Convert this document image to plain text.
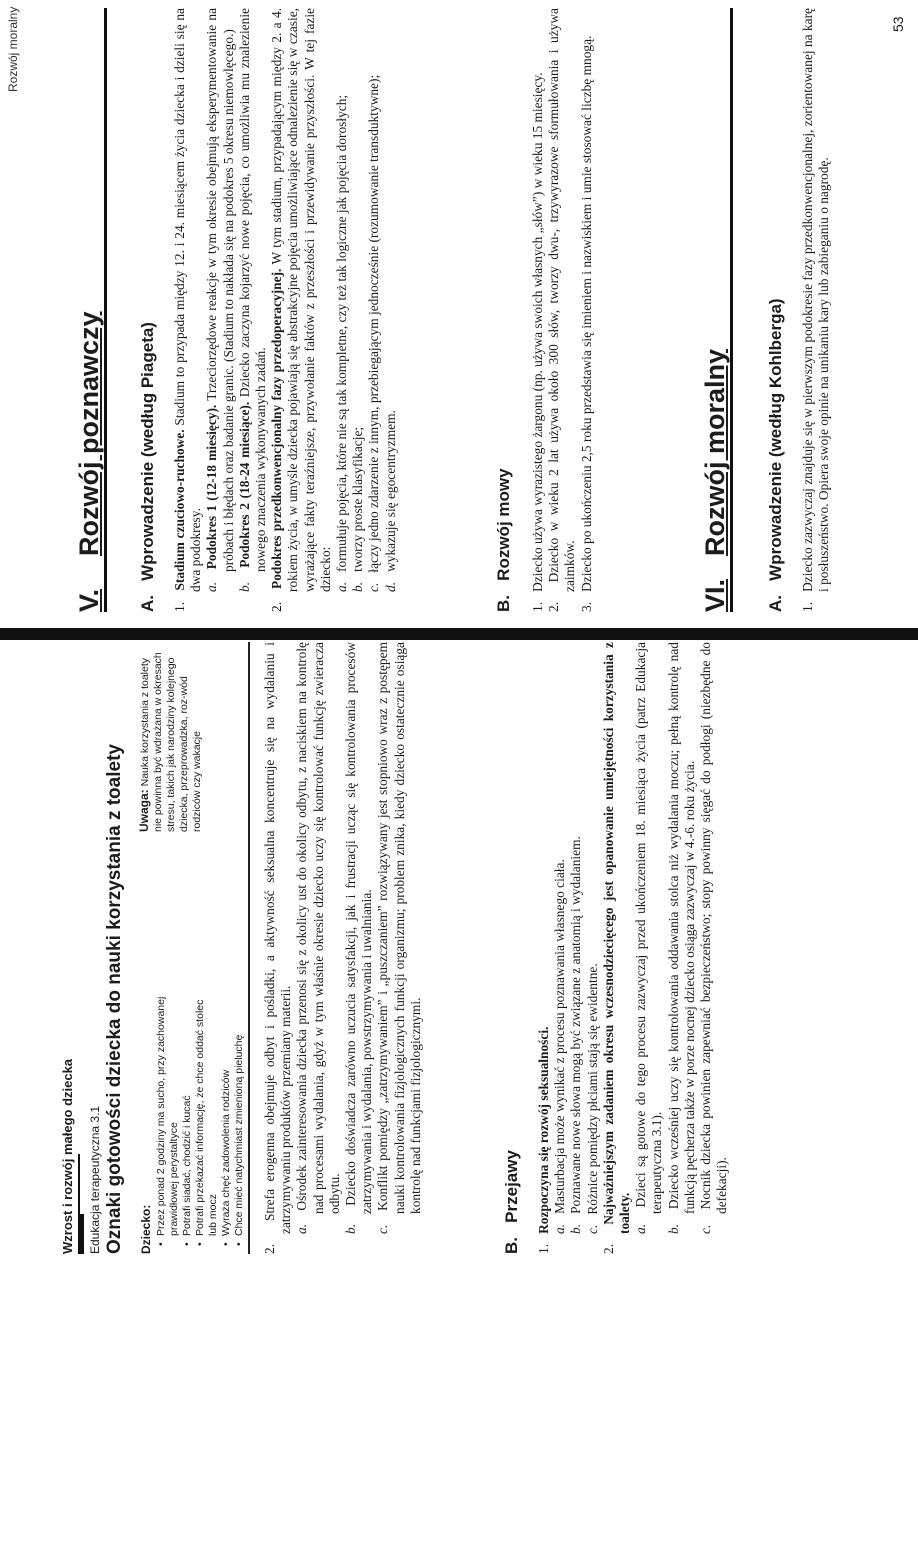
Wzrost i rozwój małego dziecka Edukacja terapeutyczna 3.1 Oznaki gotowości dziecka do nauki korzystania z toalety Dziecko: • Przez ponad 2 godziny ma sucho, przy zachowanej prawidłowej perystaltyce • Potrafi siadać, chodzić i kucać • Potrafi przekazać informację, że chce oddać stolec lub mocz • Wyraża chęć zadowolenia rodziców • Chce mieć natychmiast zmienioną pieluchę
Uwaga: Nauka korzystania z toalety nie powinna być wdrażana w okresach stresu, takich jak narodziny kolejnego dziecka, przeprowadzka, roz-wód rodziców czy wakacje
2.   Strefa erogenna obejmuje odbyt i pośladki, a aktywność seksualna koncentruje się na wydalaniu i zatrzymywaniu produktów przemiany materii. a.   Ośrodek zainteresowania dziecka przenosi się z okolicy ust do okolicy odbytu, z naciskiem na kontrolę nad procesami wydalania, gdyż w tym właśnie okresie dziecko uczy się kontrolować funkcję zwieracza odbytu.
b.   Dziecko doświadcza zarówno uczucia satysfakcji, jak i frustracji ucząc się kontrolowania procesów zatrzymywania i wydalania, powstrzymywania i uwalniania.
c.   Konflikt pomiędzy „zatrzymywaniem” i „puszczaniem” rozwiązywany jest stopniowo wraz z postępem nauki kontrolowania fizjologicznych funkcji organizmu; problem znika, kiedy dziecko ostatecznie osiąga kontrolę nad funkcjami fizjologicznymi.
B.   Przejawy
1.   Rozpoczyna się rozwój seksualności. a.   Masturbacja może wynikać z procesu poznawania własnego ciała.
b.   Poznawane nowe słowa mogą być związane z anatomią i wydalaniem.
c.   Różnice pomiędzy płciami stają się ewidentne.
2.   Najważniejszym zadaniem okresu wczesnodziecięcego jest opanowanie umiejętności korzystania z toalety. a.   Dzieci są gotowe do tego procesu zazwyczaj przed ukończeniem 18. miesiąca życia (patrz Edukacja terapeutyczna 3.1).
b.   Dziecko wcześniej uczy się kontrolowania oddawania stolca niż wydalania moczu; pełną kontrolę nad funkcją pęcherza także w porze nocnej dziecko osiąga zazwyczaj w 4.-6. roku życia.
c.   Nocnik dziecka powinien zapewniać bezpieczeństwo; stopy powinny sięgać do podłogi (niezbędne do defekacji).
Rozwój moralny
V.Rozwój poznawczy
A.   Wprowadzenie (według Piageta)
1.   Stadium czuciowo-ruchowe. Stadium to przypada między 12. i 24. miesiącem życia dziecka i dzieli się na dwa podokresy. a.   Podokres 1 (12-18 miesięcy). Trzeciorzędowe reakcje w tym okresie obejmują eksperymentowanie na próbach i błędach oraz badanie granic. (Stadium to nakłada się na podokres 5 okresu niemowlęcego.)
b.   Podokres 2 (18-24 miesiące). Dziecko zaczyna kojarzyć nowe pojęcia, co umożliwia mu znalezienie nowego znaczenia wykonywanych zadań.
2.   Podokres przedkonwencjonalny fazy przedoperacyjnej. W tym stadium, przypadającym między 2. a 4. rokiem życia, w umyśle dziecka pojawiają się abstrakcyjne pojęcia umożliwiające odnalezienie się w czasie, wyrażające fakty teraźniejsze, przywołanie faktów z przeszłości i przewidywanie przyszłości. W tej fazie dziecko: a.   formułuje pojęcia, które nie są tak kompletne, czy też tak logiczne jak pojęcia dorosłych;
b.   tworzy proste klasyfikacje;
c.   łączy jedno zdarzenie z innym, przebiegającym jednocześnie (rozumowanie transduktywne);
d.   wykazuje się egocentryzmem.
B.   Rozwój mowy
1.   Dziecko używa wyrazistego żargonu (np. używa swoich własnych „słów”) w wieku 15 miesięcy.
2.   Dziecko w wieku 2 lat używa około 300 słów, tworzy dwu-, trzywyrazowe sformułowania i używa zaimków.
3.   Dziecko po ukończeniu 2,5 roku przedstawia się imieniem i nazwiskiem i umie stosować liczbę mnogą.
VI.Rozwój moralny
A.   Wprowadzenie (według Kohlberga)
1.   Dziecko zazwyczaj znajduje się w pierwszym podokresie fazy przedkonwencjonalnej, zorientowanej na karę i posłuszeństwo. Opiera swoje opinie na unikaniu kary lub zabieganiu o nagrodę.
53
